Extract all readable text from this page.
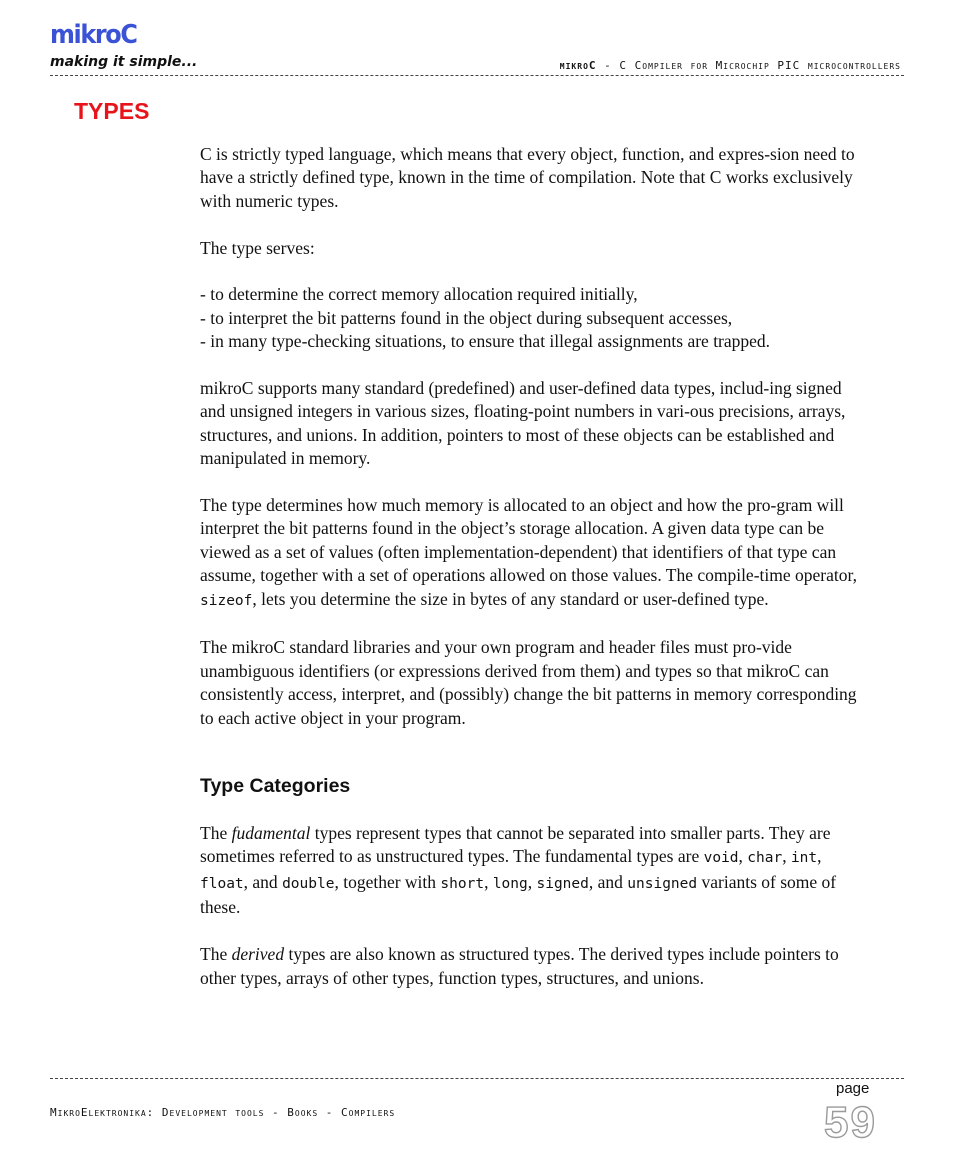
mikroC
making it simple...	mikroC - C Compiler for Microchip PIC microcontrollers
TYPES

C is strictly typed language, which means that every object, function, and expres-sion need to have a strictly defined type, known in the time of compilation. Note that C works exclusively with numeric types.

The type serves:

- to determine the correct memory allocation required initially,
- to interpret the bit patterns found in the object during subsequent accesses,
- in many type-checking situations, to ensure that illegal assignments are trapped.

mikroC supports many standard (predefined) and user-defined data types, includ-ing signed and unsigned integers in various sizes, floating-point numbers in vari-ous precisions, arrays, structures, and unions. In addition, pointers to most of these objects can be established and manipulated in memory.

The type determines how much memory is allocated to an object and how the pro-gram will interpret the bit patterns found in the object’s storage allocation. A given data type can be viewed as a set of values (often implementation-dependent) that identifiers of that type can assume, together with a set of operations allowed on those values. The compile-time operator, sizeof, lets you determine the size in bytes of any standard or user-defined type.

The mikroC standard libraries and your own program and header files must pro-vide unambiguous identifiers (or expressions derived from them) and types so that mikroC can consistently access, interpret, and (possibly) change the bit patterns in memory corresponding to each active object in your program.

Type Categories

The fudamental types represent types that cannot be separated into smaller parts. They are sometimes referred to as unstructured types. The fundamental types are void, char, int, float, and double, together with short, long, signed, and unsigned variants of some of these.

The derived types are also known as structured types. The derived types include pointers to other types, arrays of other types, function types, structures, and unions.

page
MikroElektronika: Development tools - Books - Compilers	59
